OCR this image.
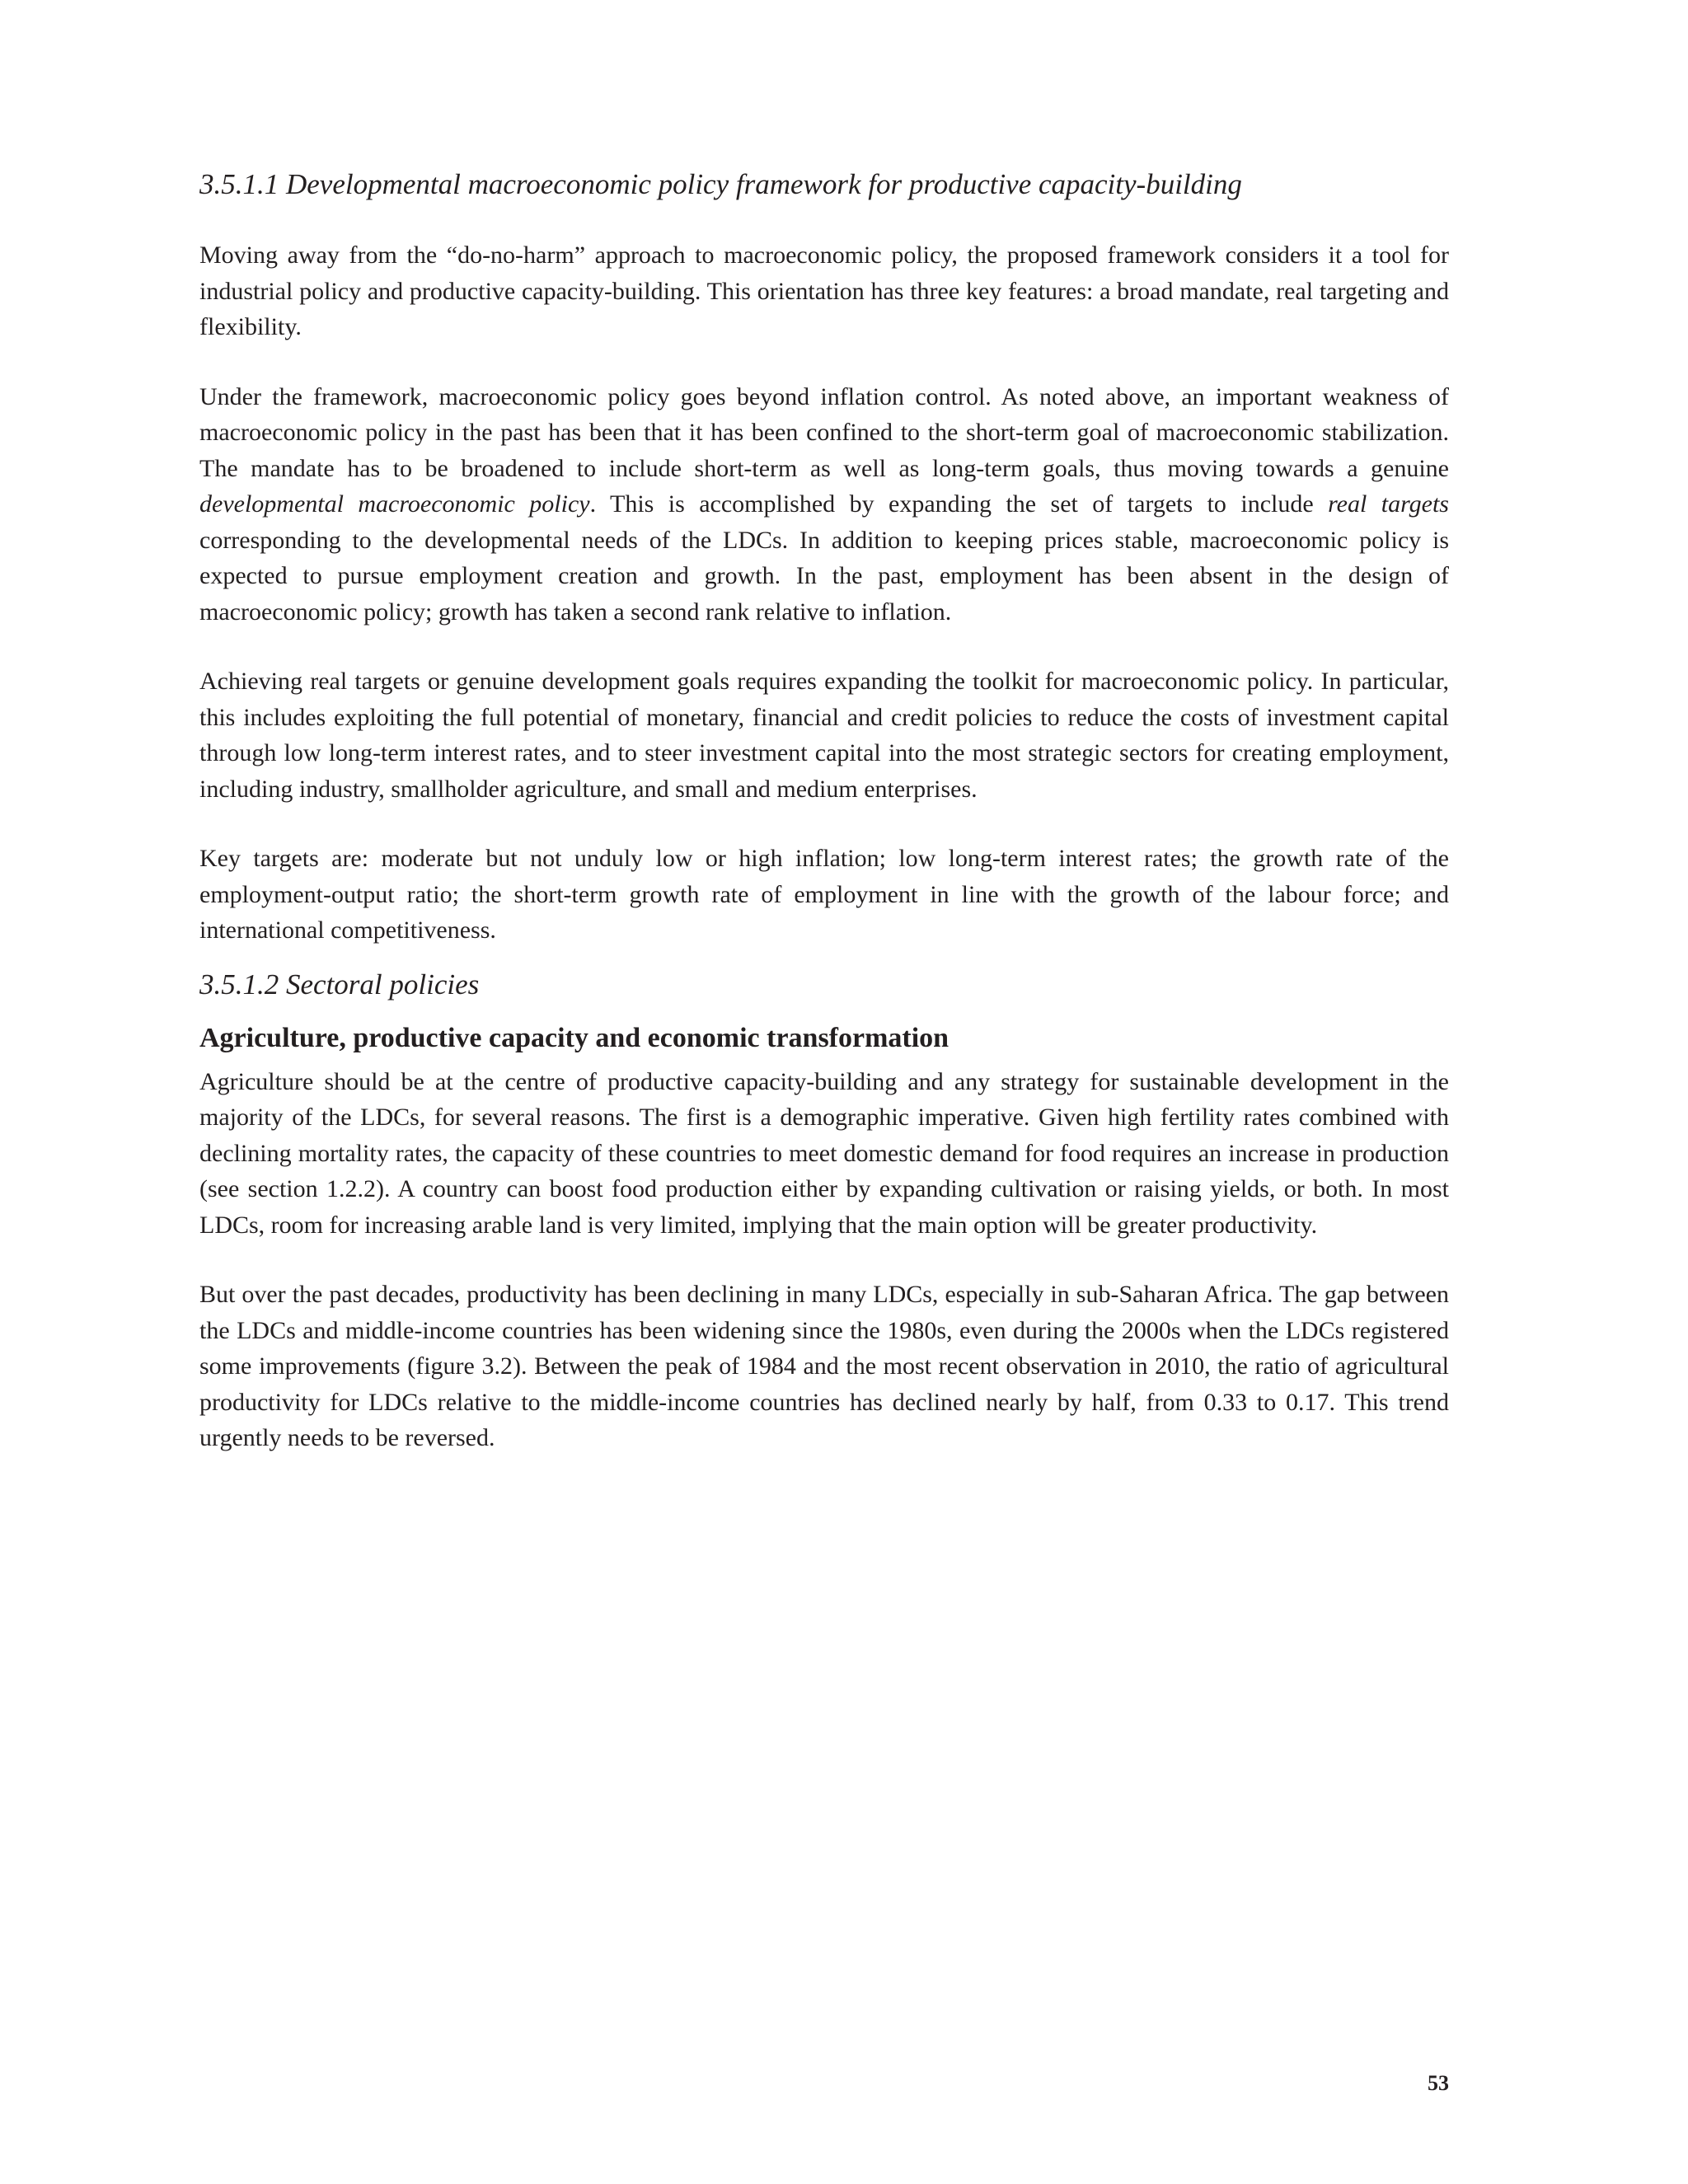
3.5.1.1 Developmental macroeconomic policy framework for productive capacity-building

Moving away from the “do-no-harm” approach to macroeconomic policy, the proposed framework considers it a tool for industrial policy and productive capacity-building. This orientation has three key features: a broad mandate, real targeting and flexibility.

Under the framework, macroeconomic policy goes beyond inflation control. As noted above, an important weakness of macroeconomic policy in the past has been that it has been confined to the short-term goal of macroeconomic stabilization. The mandate has to be broadened to include short-term as well as long-term goals, thus moving towards a genuine developmental macroeconomic policy. This is accomplished by expanding the set of targets to include real targets corresponding to the developmental needs of the LDCs. In addition to keeping prices stable, macroeconomic policy is expected to pursue employment creation and growth. In the past, employment has been absent in the design of macroeconomic policy; growth has taken a second rank relative to inflation.

Achieving real targets or genuine development goals requires expanding the toolkit for macroeconomic policy. In particular, this includes exploiting the full potential of monetary, financial and credit policies to reduce the costs of investment capital through low long-term interest rates, and to steer investment capital into the most strategic sectors for creating employment, including industry, smallholder agriculture, and small and medium enterprises.

Key targets are: moderate but not unduly low or high inflation; low long-term interest rates; the growth rate of the employment-output ratio; the short-term growth rate of employment in line with the growth of the labour force; and international competitiveness.

3.5.1.2 Sectoral policies
Agriculture, productive capacity and economic transformation

Agriculture should be at the centre of productive capacity-building and any strategy for sustainable development in the majority of the LDCs, for several reasons. The first is a demographic imperative. Given high fertility rates combined with declining mortality rates, the capacity of these countries to meet domestic demand for food requires an increase in production (see section 1.2.2). A country can boost food production either by expanding cultivation or raising yields, or both. In most LDCs, room for increasing arable land is very limited, implying that the main option will be greater productivity.

But over the past decades, productivity has been declining in many LDCs, especially in sub-Saharan Africa. The gap between the LDCs and middle-income countries has been widening since the 1980s, even during the 2000s when the LDCs registered some improvements (figure 3.2). Between the peak of 1984 and the most recent observation in 2010, the ratio of agricultural productivity for LDCs relative to the middle-income countries has declined nearly by half, from 0.33 to 0.17. This trend urgently needs to be reversed.

53
